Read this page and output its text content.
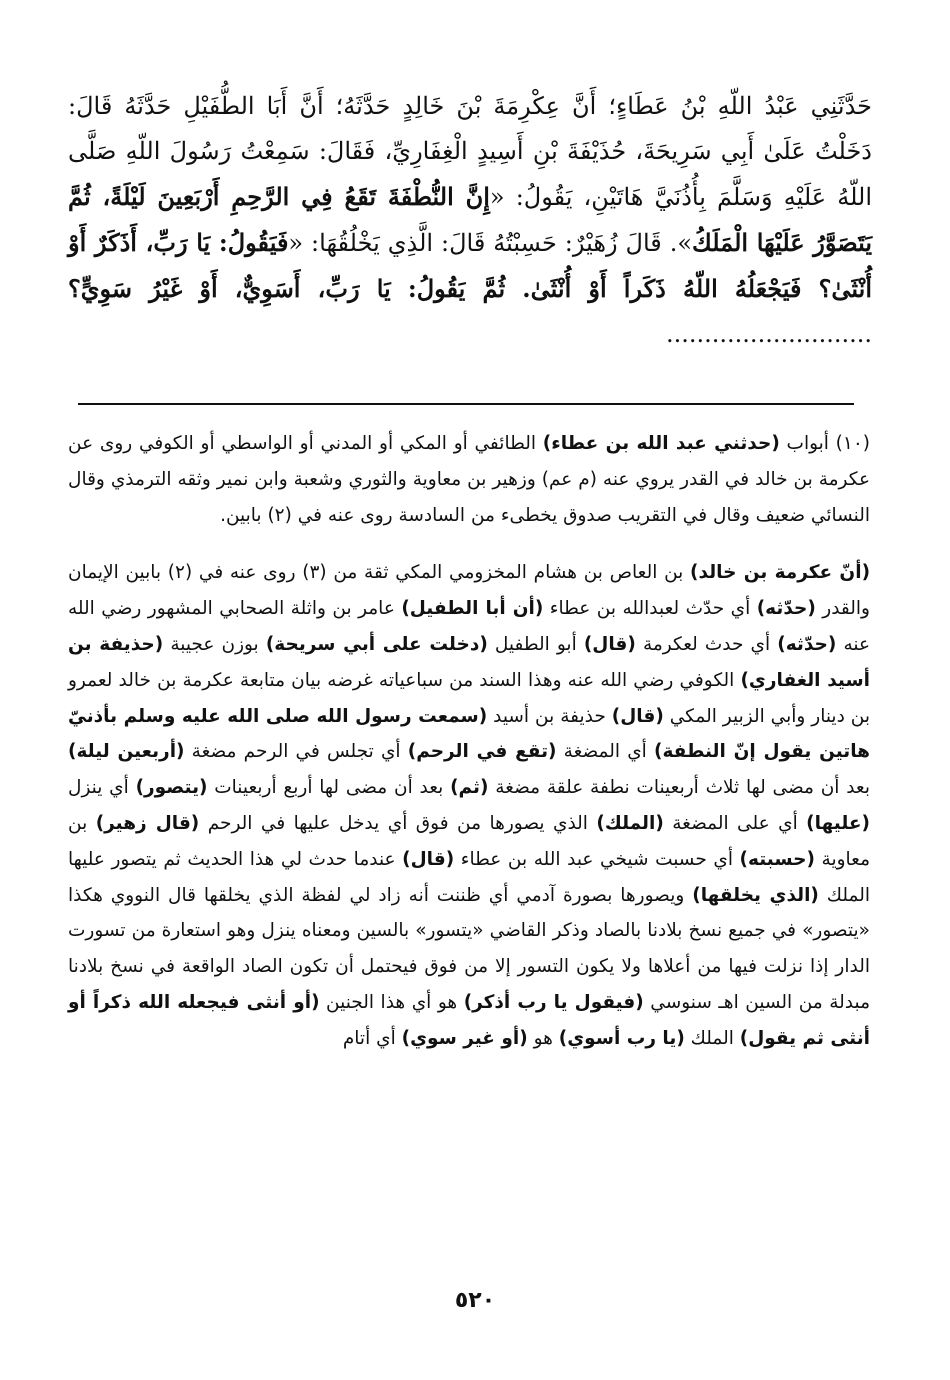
حَدَّثَنِي عَبْدُ اللّهِ بْنُ عَطَاءٍ؛ أَنَّ عِكْرِمَةَ بْنَ خَالِدٍ حَدَّثَهُ؛ أَنَّ أَبَا الطُّفَيْلِ حَدَّثَهُ قَالَ: دَخَلْتُ عَلَىٰ أَبِي سَرِيحَةَ، حُذَيْفَةَ بْنِ أَسِيدٍ الْغِفَارِيِّ، فَقَالَ: سَمِعْتُ رَسُولَ اللّهِ صَلَّى اللّهُ عَلَيْهِ وَسَلَّمَ بِأُذُنَيَّ هَاتَيْنِ، يَقُولُ: «إِنَّ النُّطْفَةَ تَقَعُ فِي الرَّحِمِ أَرْبَعِينَ لَيْلَةً، ثُمَّ يَتَصَوَّرُ عَلَيْهَا الْمَلَكُ». قَالَ زُهَيْرٌ: حَسِبْتُهُ قَالَ: الَّذِي يَخْلُقُهَا: «فَيَقُولُ: يَا رَبِّ، أَذَكَرٌ أَوْ أُنْثَىٰ؟ فَيَجْعَلُهُ اللّهُ ذَكَراً أَوْ أُنْثَىٰ. ثُمَّ يَقُولُ: يَا رَبِّ، أَسَوِيٌّ، أَوْ غَيْرُ سَوِيٍّ؟ ...........................

(١٠) أبواب (حدثني عبد الله بن عطاء) الطائفي أو المكي أو المدني أو الواسطي أو الكوفي روى عن عكرمة بن خالد في القدر يروي عنه (م عم) وزهير بن معاوية والثوري وشعبة وابن نمير وثقه الترمذي وقال النسائي ضعيف وقال في التقريب صدوق يخطىء من السادسة روى عنه في (٢) بابين.

(أنّ عكرمة بن خالد) بن العاص بن هشام المخزومي المكي ثقة من (٣) روى عنه في (٢) بابين الإيمان والقدر (حدّثه) أي حدّث لعبدالله بن عطاء (أن أبا الطفيل) عامر بن واثلة الصحابي المشهور رضي الله عنه (حدّثه) أي حدث لعكرمة (قال) أبو الطفيل (دخلت على أبي سريحة) بوزن عجيبة (حذيفة بن أسيد الغفاري) الكوفي رضي الله عنه وهذا السند من سباعياته غرضه بيان متابعة عكرمة بن خالد لعمرو بن دينار وأبي الزبير المكي (قال) حذيفة بن أسيد (سمعت رسول الله صلى الله عليه وسلم بأذنيّ هاتين يقول إنّ النطفة) أي المضغة (تقع في الرحم) أي تجلس في الرحم مضغة (أربعين ليلة) بعد أن مضى لها ثلاث أربعينات نطفة علقة مضغة (ثم) بعد أن مضى لها أربع أربعينات (يتصور) أي ينزل (عليها) أي على المضغة (الملك) الذي يصورها من فوق أي يدخل عليها في الرحم (قال زهير) بن معاوية (حسبته) أي حسبت شيخي عبد الله بن عطاء (قال) عندما حدث لي هذا الحديث ثم يتصور عليها الملك (الذي يخلقها) ويصورها بصورة آدمي أي ظننت أنه زاد لي لفظة الذي يخلقها قال النووي هكذا «يتصور» في جميع نسخ بلادنا بالصاد وذكر القاضي «يتسور» بالسين ومعناه ينزل وهو استعارة من تسورت الدار إذا نزلت فيها من أعلاها ولا يكون التسور إلا من فوق فيحتمل أن تكون الصاد الواقعة في نسخ بلادنا مبدلة من السين اهـ سنوسي (فيقول يا رب أذكر) هو أي هذا الجنين (أو أنثى فيجعله الله ذكراً أو أنثى ثم يقول) الملك (يا رب أسوي) هو (أو غير سوي) أي أتام

٥٢٠
